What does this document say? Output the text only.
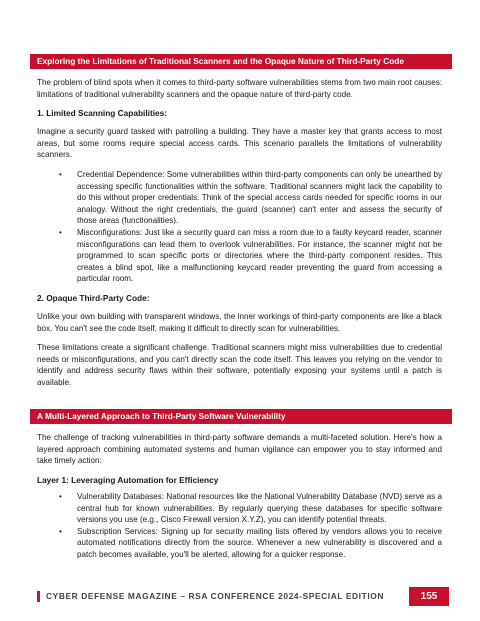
Exploring the Limitations of Traditional Scanners and the Opaque Nature of Third-Party Code

The problem of blind spots when it comes to third-party software vulnerabilities stems from two main root causes: limitations of traditional vulnerability scanners and the opaque nature of third-party code.

1. Limited Scanning Capabilities:

Imagine a security guard tasked with patrolling a building. They have a master key that grants access to most areas, but some rooms require special access cards. This scenario parallels the limitations of vulnerability scanners.

• Credential Dependence: Some vulnerabilities within third-party components can only be unearthed by accessing specific functionalities within the software. Traditional scanners might lack the capability to do this without proper credentials. Think of the special access cards needed for specific rooms in our analogy. Without the right credentials, the guard (scanner) can't enter and assess the security of those areas (functionalities).
• Misconfigurations: Just like a security guard can miss a room due to a faulty keycard reader, scanner misconfigurations can lead them to overlook vulnerabilities. For instance, the scanner might not be programmed to scan specific ports or directories where the third-party component resides. This creates a blind spot, like a malfunctioning keycard reader preventing the guard from accessing a particular room.

2. Opaque Third-Party Code:

Unlike your own building with transparent windows, the inner workings of third-party components are like a black box. You can't see the code itself, making it difficult to directly scan for vulnerabilities.

These limitations create a significant challenge. Traditional scanners might miss vulnerabilities due to credential needs or misconfigurations, and you can't directly scan the code itself. This leaves you relying on the vendor to identify and address security flaws within their software, potentially exposing your systems until a patch is available.

A Multi-Layered Approach to Third-Party Software Vulnerability

The challenge of tracking vulnerabilities in third-party software demands a multi-faceted solution. Here's how a layered approach combining automated systems and human vigilance can empower you to stay informed and take timely action:

Layer 1: Leveraging Automation for Efficiency

• Vulnerability Databases: National resources like the National Vulnerability Database (NVD) serve as a central hub for known vulnerabilities. By regularly querying these databases for specific software versions you use (e.g., Cisco Firewall version X.Y.Z), you can identify potential threats.
• Subscription Services: Signing up for security mailing lists offered by vendors allows you to receive automated notifications directly from the source. Whenever a new vulnerability is discovered and a patch becomes available, you'll be alerted, allowing for a quicker response.
CYBER DEFENSE MAGAZINE – RSA CONFERENCE 2024-SPECIAL EDITION	155
